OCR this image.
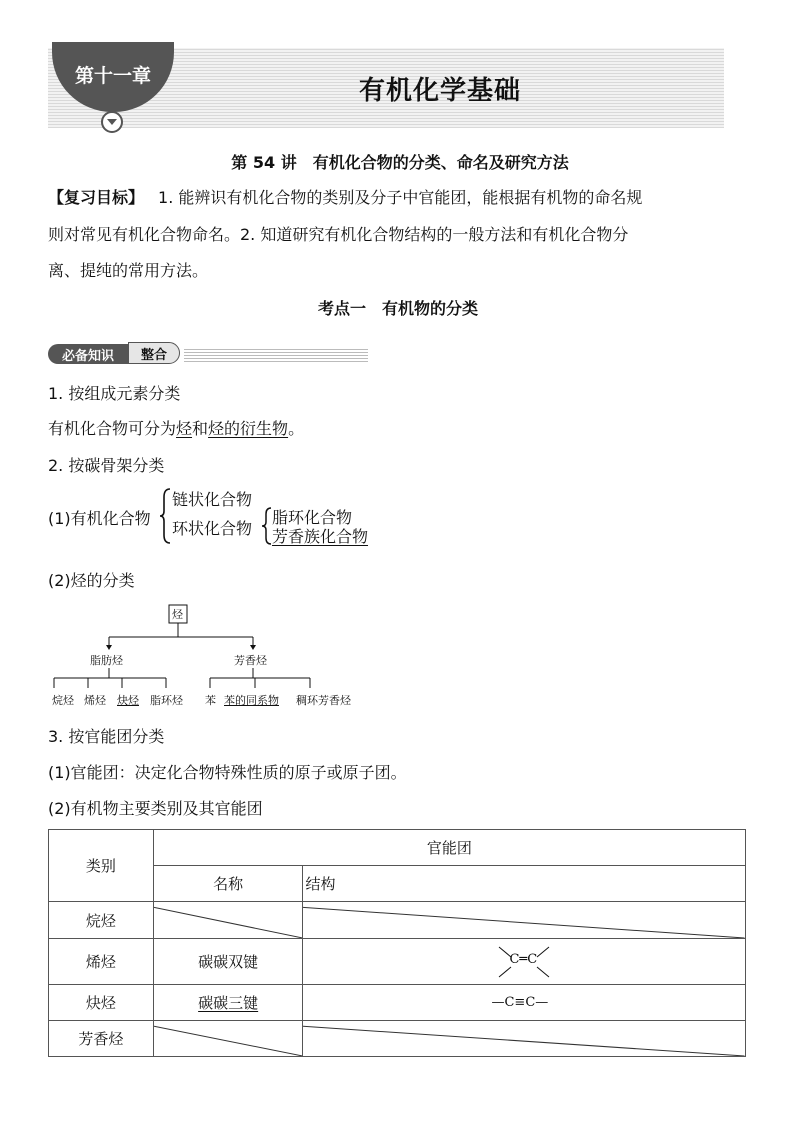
第十一章
有机化学基础
第 54 讲　有机化合物的分类、命名及研究方法
【复习目标】 1. 能辨识有机化合物的类别及分子中官能团，能根据有机物的命名规
则对常见有机化合物命名。2. 知道研究有机化合物结构的一般方法和有机化合物分
离、提纯的常用方法。
考点一　有机物的分类
必备知识	整合
1. 按组成元素分类
有机化合物可分为烃和烃的衍生物。
2. 按碳骨架分类
(1)有机化合物
链状化合物
环状化合物
脂环化合物
芳香族化合物
(2)烃的分类
烃
脂肪烃	芳香烃
烷烃 烯烃 炔烃 脂环烃 苯 苯的同系物 稠环芳香烃
3. 按官能团分类
(1)官能团：决定化合物特殊性质的原子或原子团。
(2)有机物主要类别及其官能团
类别	官能团	
	名称	结构
烷烃	

烯烃	碳碳双键	C═C

炔烃	碳碳三键	—C≡C—
芳香烃	
